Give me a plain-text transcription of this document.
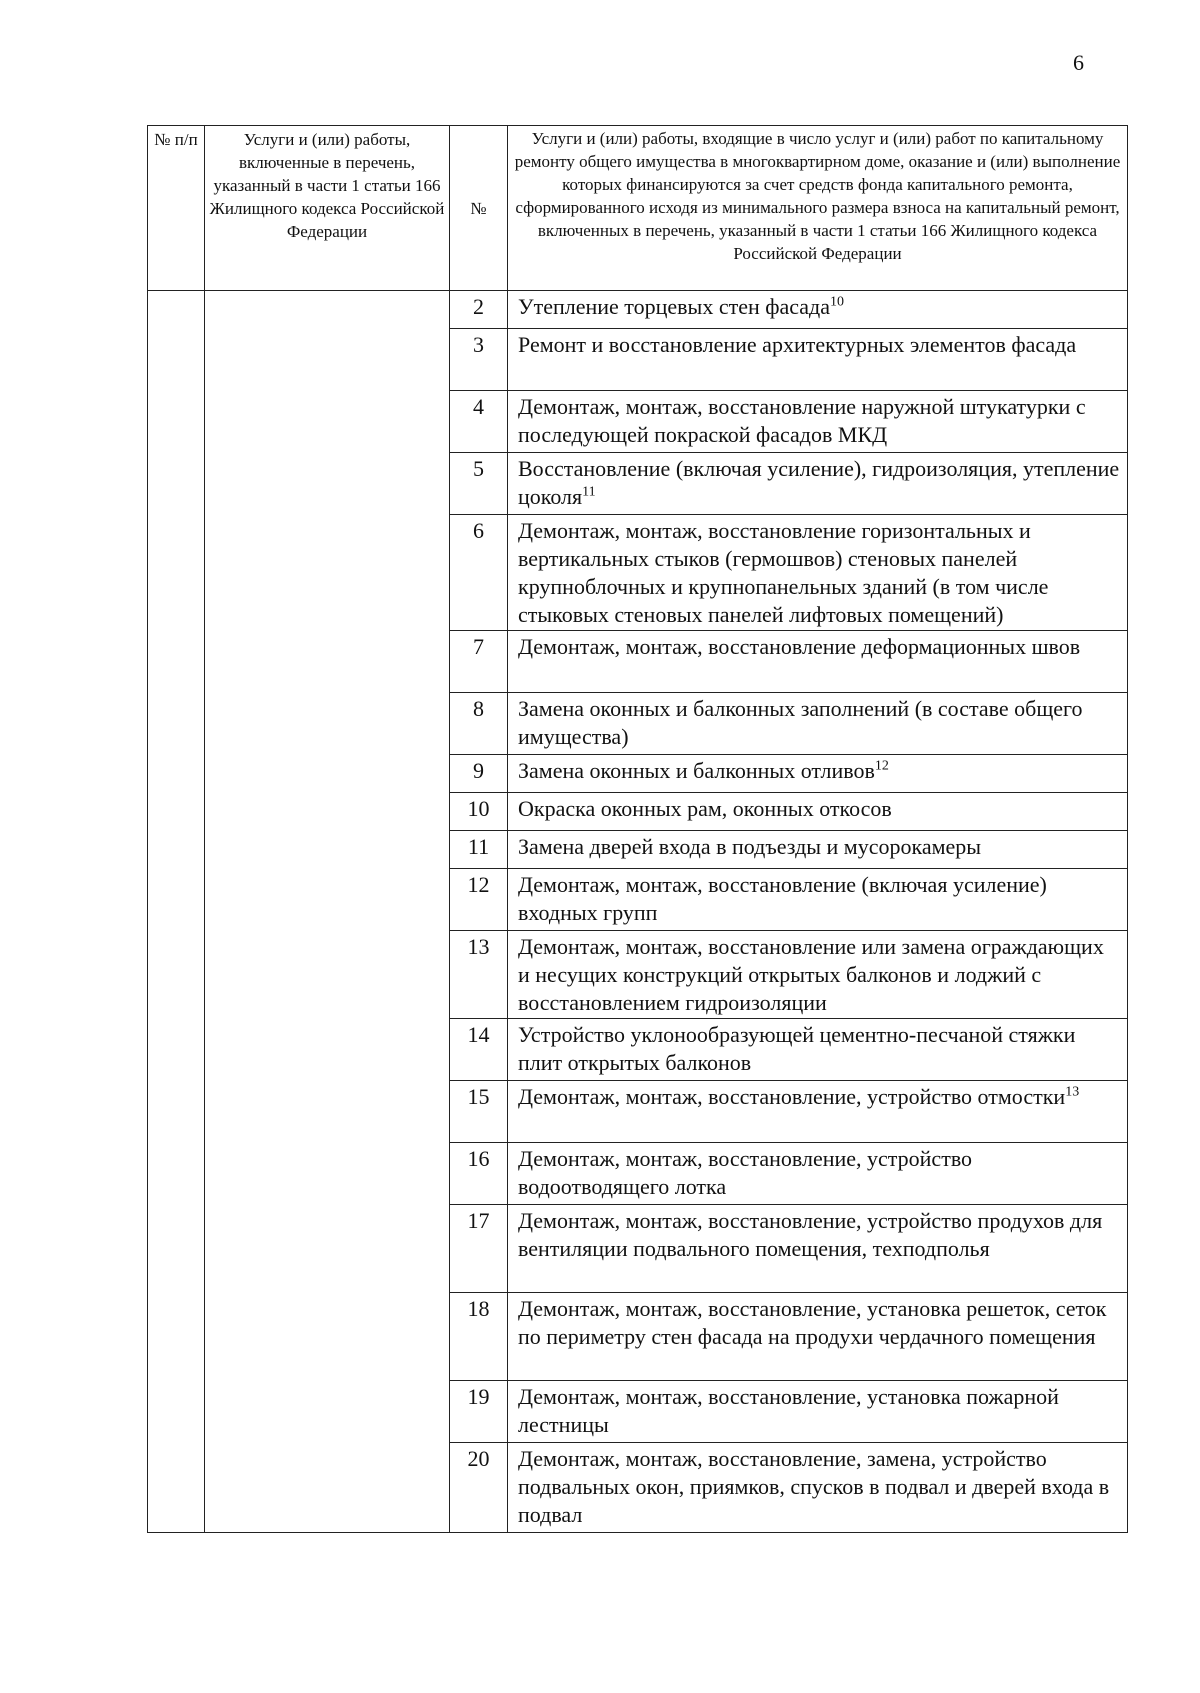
6
№ п/п	Услуги и (или) работы, включенные в перечень, указанный в части 1 статьи 166 Жилищного кодекса Российской Федерации	№	Услуги и (или) работы, входящие в число услуг и (или) работ по капитальному ремонту общего имущества в многоквартирном доме, оказание и (или) выполнение которых финансируются за счет средств фонда капитального ремонта, сформированного исходя из минимального размера взноса на капитальный ремонт, включенных в перечень, указанный в части 1 статьи 166 Жилищного кодекса Российской Федерации
		2	Утепление торцевых стен фасада$^{10}$
		3	Ремонт и восстановление архитектурных элементов фасада
		4	Демонтаж, монтаж, восстановление наружной штукатурки с последующей покраской фасадов МКД
		5	Восстановление (включая усиление), гидроизоляция, утепление цоколя$^{11}$
		6	Демонтаж, монтаж, восстановление горизонтальных и вертикальных стыков (гермошвов) стеновых панелей крупноблочных и крупнопанельных зданий (в том числе стыковых стеновых панелей лифтовых помещений)
		7	Демонтаж, монтаж, восстановление деформационных швов
		8	Замена оконных и балконных заполнений (в составе общего имущества)
		9	Замена оконных и балконных отливов$^{12}$
		10	Окраска оконных рам, оконных откосов
		11	Замена дверей входа в подъезды и мусорокамеры
		12	Демонтаж, монтаж, восстановление (включая усиление) входных групп
		13	Демонтаж, монтаж, восстановление или замена ограждающих и несущих конструкций открытых балконов и лоджий с восстановлением гидроизоляции
		14	Устройство уклонообразующей цементно-песчаной стяжки плит открытых балконов
		15	Демонтаж, монтаж, восстановление, устройство отмостки$^{13}$
		16	Демонтаж, монтаж, восстановление, устройство водоотводящего лотка
		17	Демонтаж, монтаж, восстановление, устройство продухов для вентиляции подвального помещения, техподполья
		18	Демонтаж, монтаж, восстановление, установка решеток, сеток по периметру стен фасада на продухи чердачного помещения
		19	Демонтаж, монтаж, восстановление, установка пожарной лестницы
		20	Демонтаж, монтаж, восстановление, замена, устройство подвальных окон, приямков, спусков в подвал и дверей входа в подвал
